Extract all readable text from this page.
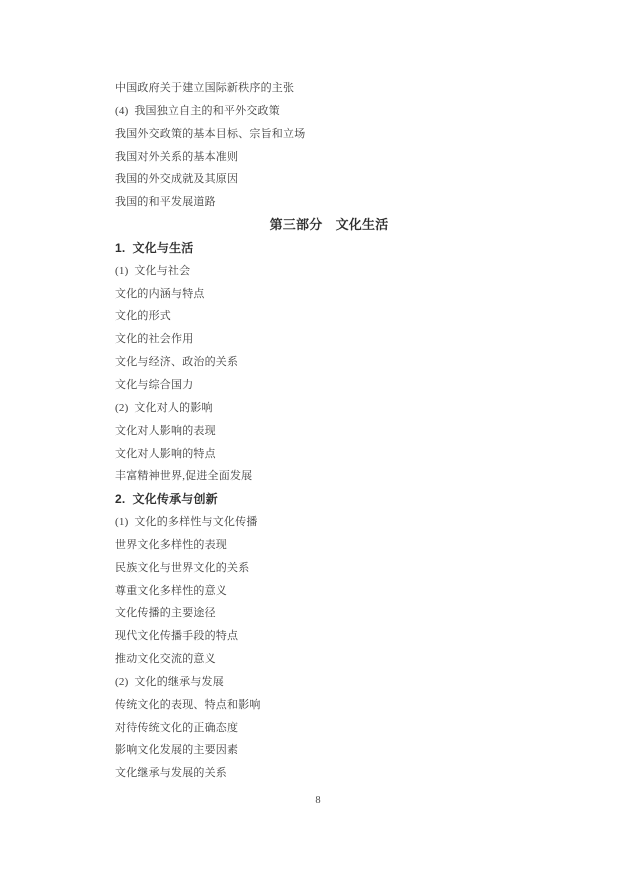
中国政府关于建立国际新秩序的主张
(4)  我国独立自主的和平外交政策
我国外交政策的基本目标、宗旨和立场
我国对外关系的基本准则
我国的外交成就及其原因
我国的和平发展道路
第三部分　文化生活
1.  文化与生活
(1)  文化与社会
文化的内涵与特点
文化的形式
文化的社会作用
文化与经济、政治的关系
文化与综合国力
(2)  文化对人的影响
文化对人影响的表现
文化对人影响的特点
丰富精神世界,促进全面发展
2.  文化传承与创新
(1)  文化的多样性与文化传播
世界文化多样性的表现
民族文化与世界文化的关系
尊重文化多样性的意义
文化传播的主要途径
现代文化传播手段的特点
推动文化交流的意义
(2)  文化的继承与发展
传统文化的表现、特点和影响
对待传统文化的正确态度
影响文化发展的主要因素
文化继承与发展的关系
8
